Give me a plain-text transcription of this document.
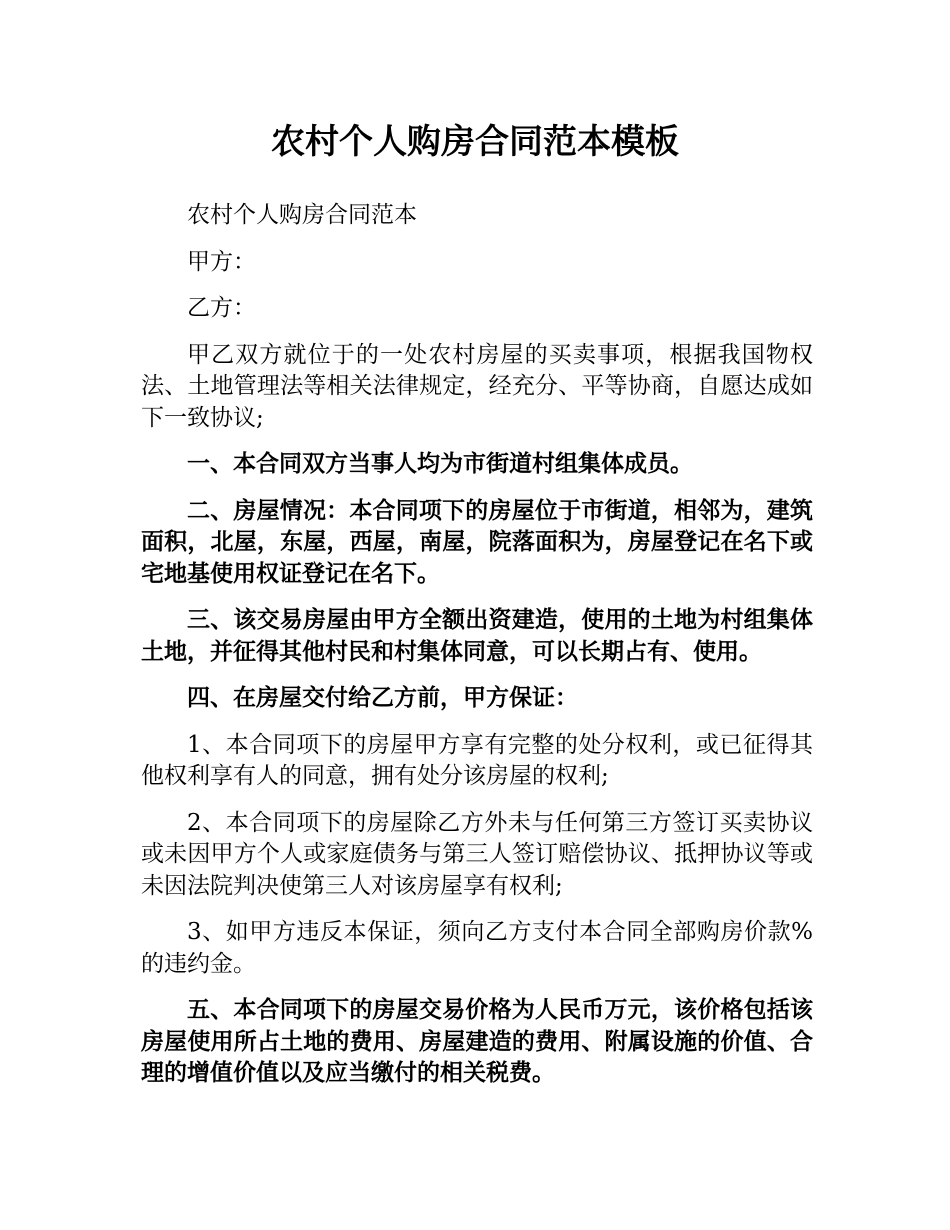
农村个人购房合同范本模板

农村个人购房合同范本

甲方：

乙方：

甲乙双方就位于的一处农村房屋的买卖事项，根据我国物权法、土地管理法等相关法律规定，经充分、平等协商，自愿达成如下一致协议;

一、本合同双方当事人均为市街道村组集体成员。

二、房屋情况：本合同项下的房屋位于市街道，相邻为，建筑面积，北屋，东屋，西屋，南屋，院落面积为，房屋登记在名下或宅地基使用权证登记在名下。

三、该交易房屋由甲方全额出资建造，使用的土地为村组集体土地，并征得其他村民和村集体同意，可以长期占有、使用。

四、在房屋交付给乙方前，甲方保证：

1、本合同项下的房屋甲方享有完整的处分权利，或已征得其他权利享有人的同意，拥有处分该房屋的权利;

2、本合同项下的房屋除乙方外未与任何第三方签订买卖协议或未因甲方个人或家庭债务与第三人签订赔偿协议、抵押协议等或未因法院判决使第三人对该房屋享有权利;

3、如甲方违反本保证，须向乙方支付本合同全部购房价款%的违约金。

五、本合同项下的房屋交易价格为人民币万元，该价格包括该房屋使用所占土地的费用、房屋建造的费用、附属设施的价值、合理的增值价值以及应当缴付的相关税费。
